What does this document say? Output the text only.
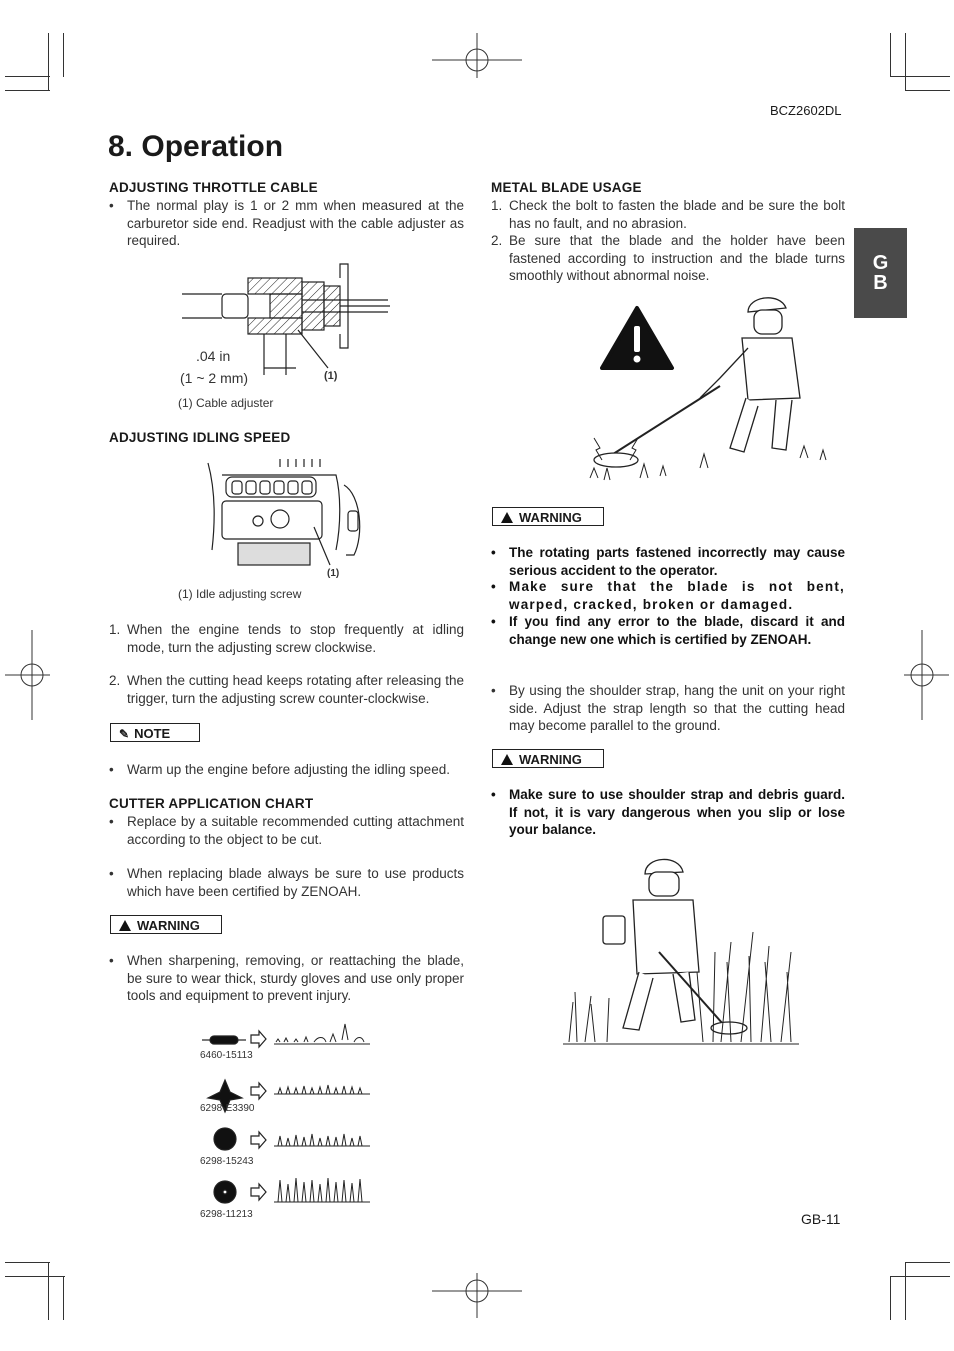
BCZ2602DL
8. Operation
G
B
ADJUSTING THROTTLE CABLE

• The normal play is 1 or 2 mm when measured at the carburetor side end. Readjust with the cable adjuster as required.

.04 in
(1 ~ 2 mm)	(1)
(1) Cable adjuster
ADJUSTING IDLING SPEED
(1)
(1) Idle adjusting screw

1. When the engine tends to stop frequently at idling mode, turn the adjusting screw clockwise.

2. When the cutting head keeps rotating after releasing the trigger, turn the adjusting screw counter-clockwise.

✎ NOTE

• Warm up the engine before adjusting the idling speed.

CUTTER APPLICATION CHART

• Replace by a suitable recommended cutting attachment according to the object to be cut.

• When replacing blade always be sure to use products which have been certified by ZENOAH.

WARNING

• When sharpening, removing, or reattaching the blade, be sure to wear thick, sturdy gloves and use only proper tools and equipment to prevent injury.

6460-15113
6298-E3390
6298-15243
6298-11213
METAL BLADE USAGE

1. Check the bolt to fasten the blade and be sure the bolt has no fault, and no abrasion.

2. Be sure that the blade and the holder have been fastened according to instruction and the blade turns smoothly without abnormal noise.

WARNING

• The rotating parts fastened incorrectly may cause serious accident to the operator.

• Make sure that the blade is not bent, warped, cracked, broken or damaged.

• If you find any error to the blade, discard it and change new one which is certified by ZENOAH.

• By using the shoulder strap, hang the unit on your right side. Adjust the strap length so that the cutting head may become parallel to the ground.

WARNING

• Make sure to use shoulder strap and debris guard. If not, it is vary dangerous when you slip or lose your balance.

GB-11
